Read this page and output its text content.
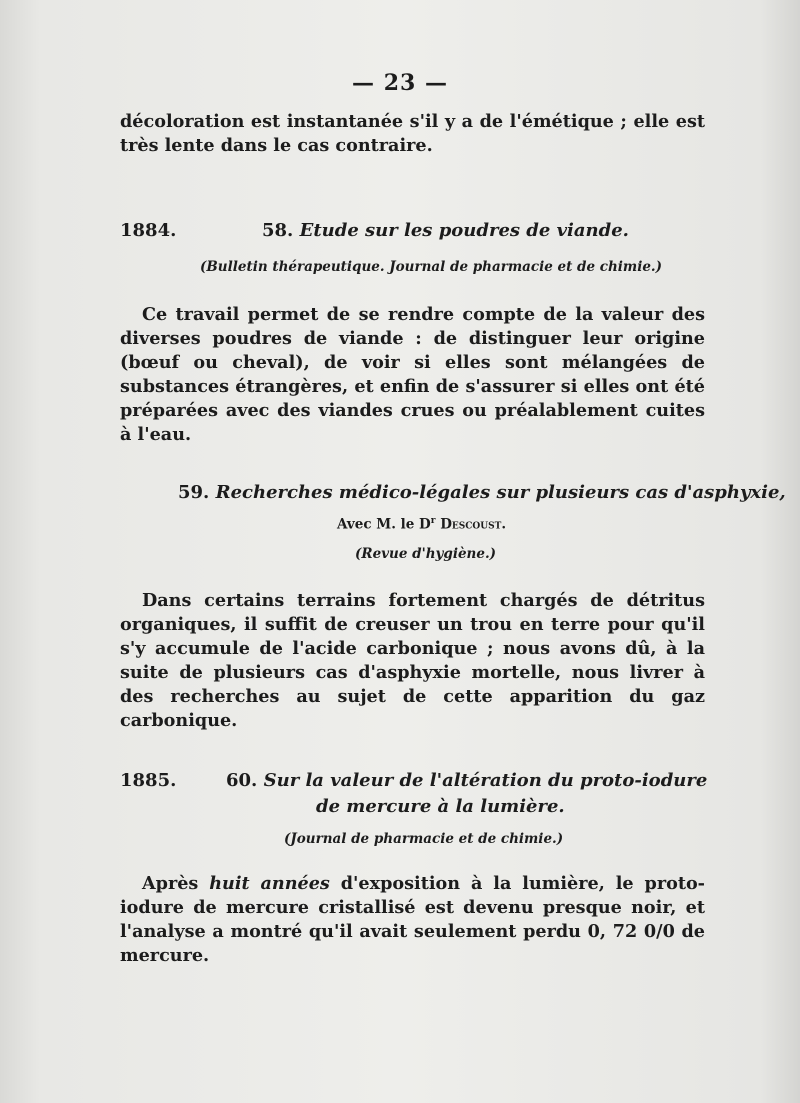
— 23 —

décoloration est instantanée s'il y a de l'émétique ; elle est très lente dans le cas contraire.

1884.	58. Etude sur les poudres de viande.
(Bulletin thérapeutique. Journal de pharmacie et de chimie.)

Ce travail permet de se rendre compte de la valeur des diverses poudres de viande : de distinguer leur origine (bœuf ou cheval), de voir si elles sont mélangées de substances étrangères, et enfin de s'assurer si elles ont été préparées avec des viandes crues ou préalablement cuites à l'eau.

59. Recherches médico-légales sur plusieurs cas d'asphyxie,
Avec M. le $D^r$ Descoust.
(Revue d'hygiène.)

Dans certains terrains fortement chargés de détritus organiques, il suffit de creuser un trou en terre pour qu'il s'y accumule de l'acide carbonique ; nous avons dû, à la suite de plusieurs cas d'asphyxie mortelle, nous livrer à des recherches au sujet de cette apparition du gaz carbonique.

1885.	60. Sur la valeur de l'altération du proto-iodure
de mercure à la lumière.
(Journal de pharmacie et de chimie.)

Après huit années d'exposition à la lumière, le proto-iodure de mercure cristallisé est devenu presque noir, et l'analyse a montré qu'il avait seulement perdu 0, 72 0/0 de mercure.
